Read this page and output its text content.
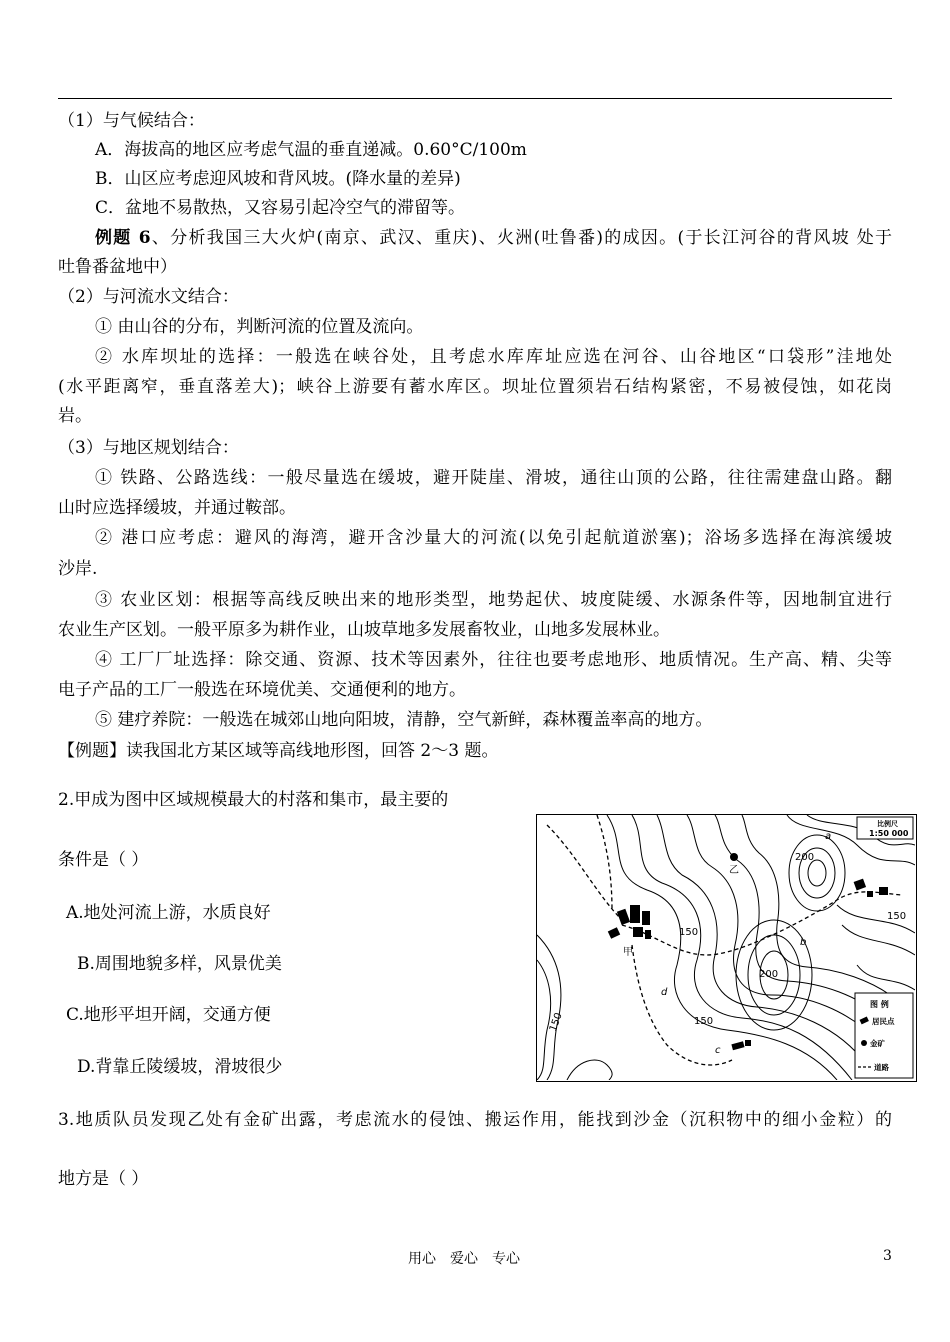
（1）与气候结合：
A．海拔高的地区应考虑气温的垂直递减。0.60°C/100m
B．山区应考虑迎风坡和背风坡。(降水量的差异)
C．盆地不易散热，又容易引起冷空气的滞留等。
例题 6、分析我国三大火炉(南京、武汉、重庆)、火洲(吐鲁番)的成因。(于长江河谷的背风坡 处于
吐鲁番盆地中）
（2）与河流水文结合：
① 由山谷的分布，判断河流的位置及流向。
② 水库坝址的选择：一般选在峡谷处，且考虑水库库址应选在河谷、山谷地区“口袋形”洼地处
(水平距离窄，垂直落差大)；峡谷上游要有蓄水库区。坝址位置须岩石结构紧密，不易被侵蚀，如花岗
岩。
（3）与地区规划结合：
① 铁路、公路选线：一般尽量选在缓坡，避开陡崖、滑坡，通往山顶的公路，往往需建盘山路。翻
山时应选择缓坡，并通过鞍部。
② 港口应考虑：避风的海湾，避开含沙量大的河流(以免引起航道淤塞)；浴场多选择在海滨缓坡
沙岸.
③ 农业区划：根据等高线反映出来的地形类型，地势起伏、坡度陡缓、水源条件等，因地制宜进行
农业生产区划。一般平原多为耕作业，山坡草地多发展畜牧业，山地多发展林业。
④ 工厂厂址选择：除交通、资源、技术等因素外，往往也要考虑地形、地质情况。生产高、精、尖等
电子产品的工厂一般选在环境优美、交通便利的地方。
⑤ 建疗养院：一般选在城郊山地向阳坡，清静，空气新鲜，森林覆盖率高的地方。
【例题】读我国北方某区域等高线地形图，回答 2～3 题。
2.甲成为图中区域规模最大的村落和集市，最主要的
条件是（ ）
A.地处河流上游，水质良好
B.周围地貌多样，风景优美
C.地形平坦开阔，交通方便
D.背靠丘陵缓坡，滑坡很少
甲
乙
a
b
c
d
200
200
150
150
150	150
比例尺
1:50 000
图 例
居民点
金矿
道路
3.地质队员发现乙处有金矿出露，考虑流水的侵蚀、搬运作用，能找到沙金（沉积物中的细小金粒）的
地方是（ ）
用心　爱心　专心	3
